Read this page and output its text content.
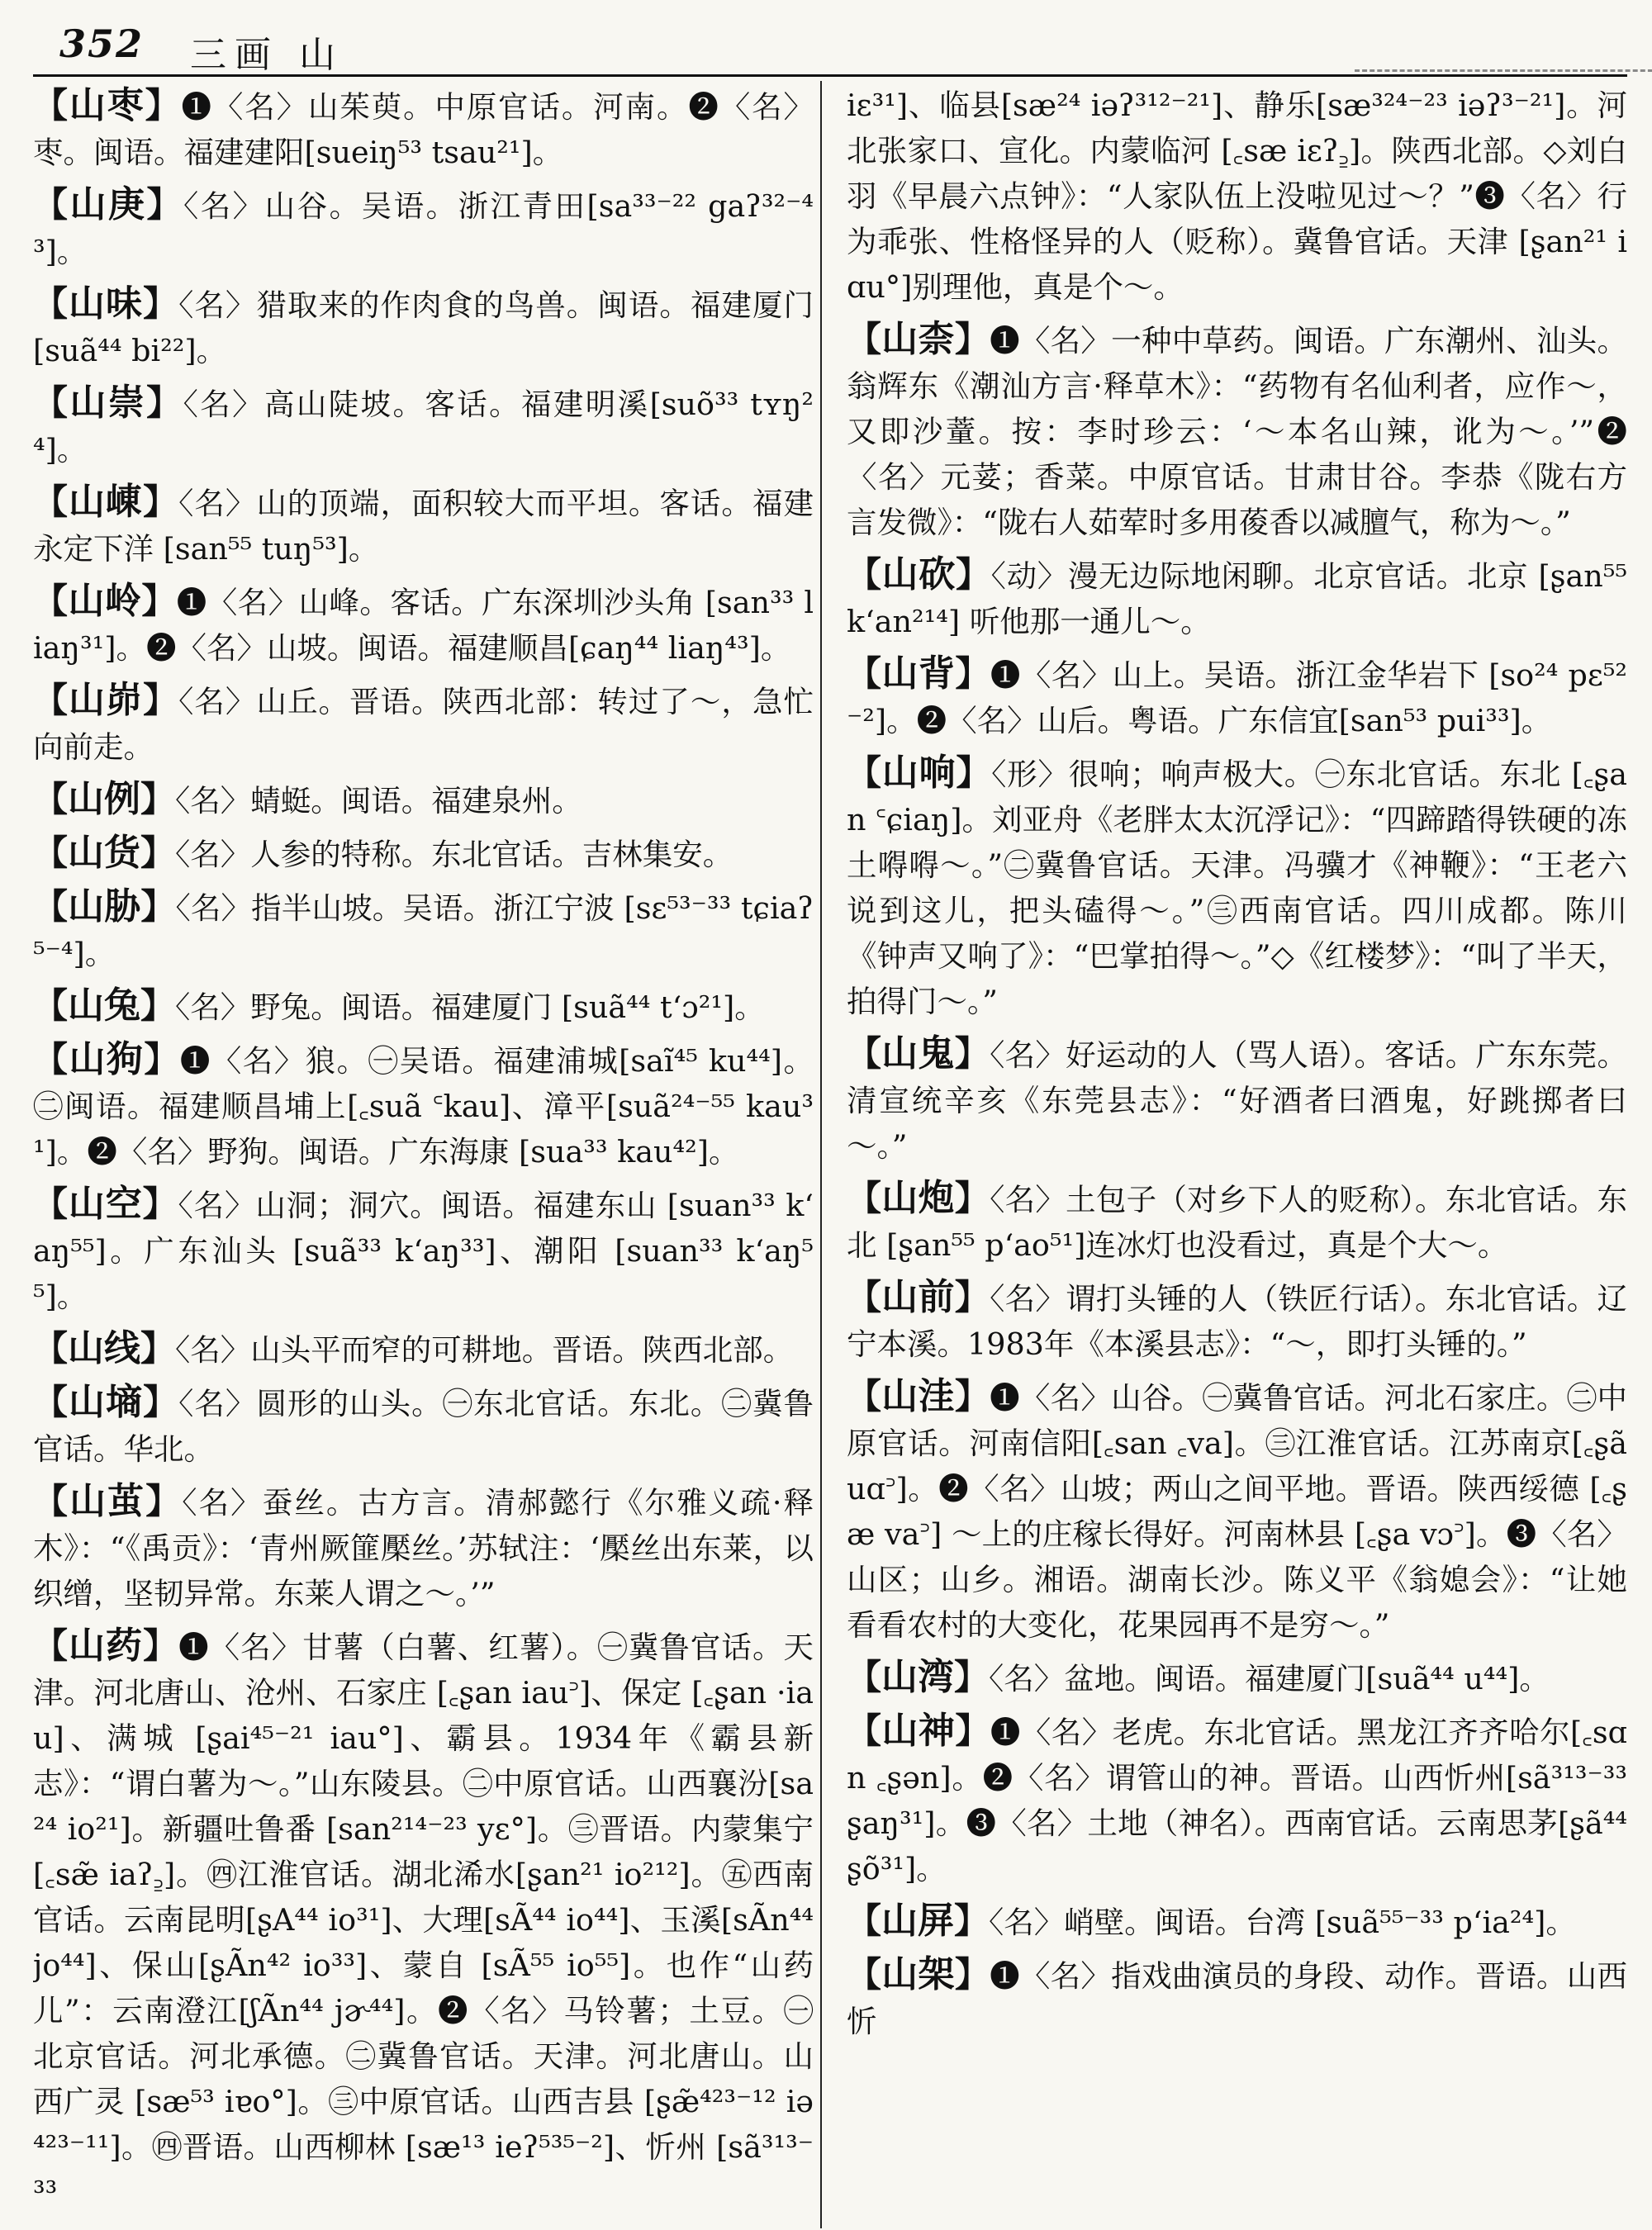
352 三画 山
【山枣】❶〈名〉山茱萸。中原官话。河南。❷〈名〉枣。闽语。福建建阳[sueiŋ⁵³ tsau²¹]。
【山庚】〈名〉山谷。吴语。浙江青田[sa³³⁻²² gaʔ³²⁻⁴³]。
【山味】〈名〉猎取来的作肉食的鸟兽。闽语。福建厦门[suã⁴⁴ bi²²]。
【山崇】〈名〉高山陡坡。客话。福建明溪[suõ³³ tʏŋ²⁴]。
【山崠】〈名〉山的顶端，面积较大而平坦。客话。福建永定下洋 [san⁵⁵ tuŋ⁵³]。
【山岭】❶〈名〉山峰。客话。广东深圳沙头角 [san³³ liaŋ³¹]。❷〈名〉山坡。闽语。福建顺昌[ɕaŋ⁴⁴ liaŋ⁴³]。
【山峁】〈名〉山丘。晋语。陕西北部：转过了～，急忙向前走。
【山例】〈名〉蜻蜓。闽语。福建泉州。
【山货】〈名〉人参的特称。东北官话。吉林集安。
【山胁】〈名〉指半山坡。吴语。浙江宁波 [sɛ⁵³⁻³³ tɕiaʔ⁵⁻⁴]。
【山兔】〈名〉野兔。闽语。福建厦门 [suã⁴⁴ tʻɔ²¹]。
【山狗】❶〈名〉狼。㊀吴语。福建浦城[saĩ⁴⁵ ku⁴⁴]。㊁闽语。福建顺昌埔上[꜀suã ꜂kau]、漳平[suã²⁴⁻⁵⁵ kau³¹]。❷〈名〉野狗。闽语。广东海康 [sua³³ kau⁴²]。
【山空】〈名〉山洞；洞穴。闽语。福建东山 [suan³³ kʻaŋ⁵⁵]。广东汕头 [suã³³ kʻaŋ³³]、潮阳 [suan³³ kʻaŋ⁵⁵]。
【山线】〈名〉山头平而窄的可耕地。晋语。陕西北部。
【山墒】〈名〉圆形的山头。㊀东北官话。东北。㊁冀鲁官话。华北。
【山茧】〈名〉蚕丝。古方言。清郝懿行《尔雅义疏·释木》：“《禹贡》：‘青州厥篚檿丝。’苏轼注：‘檿丝出东莱，以织缯，坚韧异常。东莱人谓之～。’”
【山药】❶〈名〉甘薯（白薯、红薯）。㊀冀鲁官话。天津。河北唐山、沧州、石家庄 [꜀ʂan iau꜄]、保定 [꜀ʂan ·iau]、满城 [ʂai⁴⁵⁻²¹ iau°]、霸县。1934年《霸县新志》：“谓白薯为～。”山东陵县。㊁中原官话。山西襄汾[sa²⁴ io²¹]。新疆吐鲁番 [san²¹⁴⁻²³ yɛ°]。㊂晋语。内蒙集宁 [꜀sæ̃ iaʔ꜇]。㊃江淮官话。湖北浠水[ʂan²¹ io²¹²]。㊄西南官话。云南昆明[ʂA⁴⁴ io³¹]、大理[sÃ⁴⁴ io⁴⁴]、玉溪[sÃn⁴⁴ jo⁴⁴]、保山[ʂÃn⁴² io³³]、蒙自 [sÃ⁵⁵ io⁵⁵]。也作“山药儿”：云南澄江[ʃÃn⁴⁴ jɚ⁴⁴]。❷〈名〉马铃薯；土豆。㊀北京官话。河北承德。㊁冀鲁官话。天津。河北唐山。山西广灵 [sæ⁵³ iɐo°]。㊂中原官话。山西吉县 [ʂæ̃⁴²³⁻¹² iə⁴²³⁻¹¹]。㊃晋语。山西柳林 [sæ¹³ ieʔ⁵³⁵⁻²]、忻州 [sã³¹³⁻³³
iɛ³¹]、临县[sæ²⁴ iəʔ³¹²⁻²¹]、静乐[sæ³²⁴⁻²³ iəʔ³⁻²¹]。河北张家口、宣化。内蒙临河 [꜀sæ iɛʔ꜇]。陕西北部。◇刘白羽《早晨六点钟》：“人家队伍上没啦见过～？”❸〈名〉行为乖张、性格怪异的人（贬称）。冀鲁官话。天津 [ʂan²¹ iɑu°]别理他，真是个～。
【山柰】❶〈名〉一种中草药。闽语。广东潮州、汕头。翁辉东《潮汕方言·释草木》：“药物有名仙利者，应作～，又即沙蕫。按：李时珍云：‘～本名山辣，讹为～。’”❷〈名〉元荽；香菜。中原官话。甘肃甘谷。李恭《陇右方言发微》：“陇右人茹荤时多用葰香以减膻气，称为～。”
【山砍】〈动〉漫无边际地闲聊。北京官话。北京 [ʂan⁵⁵ kʻan²¹⁴] 听他那一通儿～。
【山背】❶〈名〉山上。吴语。浙江金华岩下 [so²⁴ pɛ⁵²⁻²]。❷〈名〉山后。粤语。广东信宜[san⁵³ pui³³]。
【山响】〈形〉很响；响声极大。㊀东北官话。东北 [꜀ʂan ꜂ɕiaŋ]。刘亚舟《老胖太太沉浮记》：“四蹄踏得铁硬的冻土嘚嘚～。”㊁冀鲁官话。天津。冯骥才《神鞭》：“王老六说到这儿，把头磕得～。”㊂西南官话。四川成都。陈川《钟声又响了》：“巴掌拍得～。”◇《红楼梦》：“叫了半天，拍得门～。”
【山鬼】〈名〉好运动的人（骂人语）。客话。广东东莞。清宣统辛亥《东莞县志》：“好酒者曰酒鬼，好跳掷者曰～。”
【山炮】〈名〉土包子（对乡下人的贬称）。东北官话。东北 [ʂan⁵⁵ pʻao⁵¹]连冰灯也没看过，真是个大～。
【山前】〈名〉谓打头锤的人（铁匠行话）。东北官话。辽宁本溪。1983年《本溪县志》：“～，即打头锤的。”
【山洼】❶〈名〉山谷。㊀冀鲁官话。河北石家庄。㊁中原官话。河南信阳[꜀san ꜀va]。㊂江淮官话。江苏南京[꜀ʂã uɑ꜄]。❷〈名〉山坡；两山之间平地。晋语。陕西绥德 [꜀ʂæ va꜄] ～上的庄稼长得好。河南林县 [꜀ʂa vɔ꜄]。❸〈名〉山区；山乡。湘语。湖南长沙。陈义平《翁媳会》：“让她看看农村的大变化，花果园再不是穷～。”
【山湾】〈名〉盆地。闽语。福建厦门[suã⁴⁴ u⁴⁴]。
【山神】❶〈名〉老虎。东北官话。黑龙江齐齐哈尔[꜀sɑn ꜀ʂən]。❷〈名〉谓管山的神。晋语。山西忻州[sã³¹³⁻³³ ʂaŋ³¹]。❸〈名〉土地（神名）。西南官话。云南思茅[ʂã⁴⁴ ʂõ³¹]。
【山屏】〈名〉峭壁。闽语。台湾 [suã⁵⁵⁻³³ pʻia²⁴]。
【山架】❶〈名〉指戏曲演员的身段、动作。晋语。山西忻
